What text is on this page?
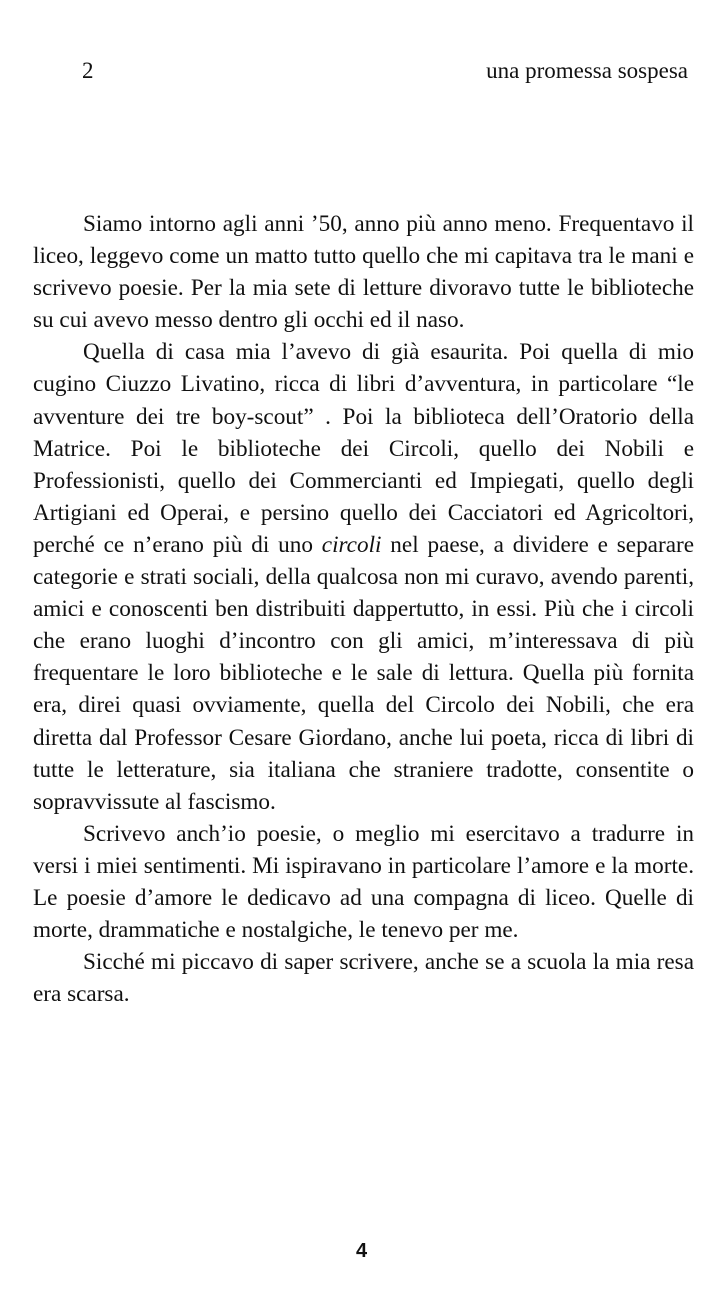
2	una promessa sospesa

Siamo intorno agli anni ’50, anno più anno meno. Frequentavo il liceo, leggevo come un matto tutto quello che mi capitava tra le mani e scrivevo poesie. Per la mia sete di letture divoravo tutte le biblioteche su cui avevo messo dentro gli occhi ed il naso.

Quella di casa mia l’avevo di già esaurita. Poi quella di mio cugino Ciuzzo Livatino, ricca di libri d’avventura, in particolare “le avventure dei tre boy-scout” . Poi la biblioteca dell’Oratorio della Matrice. Poi le biblioteche dei Circoli, quello dei Nobili e Professionisti, quello dei Commercianti ed Impiegati, quello degli Artigiani ed Operai, e persino quello dei Cacciatori ed Agricoltori, perché ce n’erano più di uno circoli nel paese, a dividere e separare categorie e strati sociali, della qualcosa non mi curavo, avendo parenti, amici e conoscenti ben distribuiti dappertutto, in essi. Più che i circoli che erano luoghi d’incontro con gli amici, m’interessava di più frequentare le loro biblioteche e le sale di lettura. Quella più fornita era, direi quasi ovviamente, quella del Circolo dei Nobili, che era diretta dal Professor Cesare Giordano, anche lui poeta, ricca di libri di tutte le letterature, sia italiana che straniere tradotte, consentite o sopravvissute al fascismo.

Scrivevo anch’io poesie, o meglio mi esercitavo a tradurre in versi i miei sentimenti. Mi ispiravano in particolare l’amore e la morte. Le poesie d’amore le dedicavo ad una compagna di liceo. Quelle di morte, drammatiche e nostalgiche, le tenevo per me.

Sicché mi piccavo di saper scrivere, anche se a scuola la mia resa era scarsa.

4
